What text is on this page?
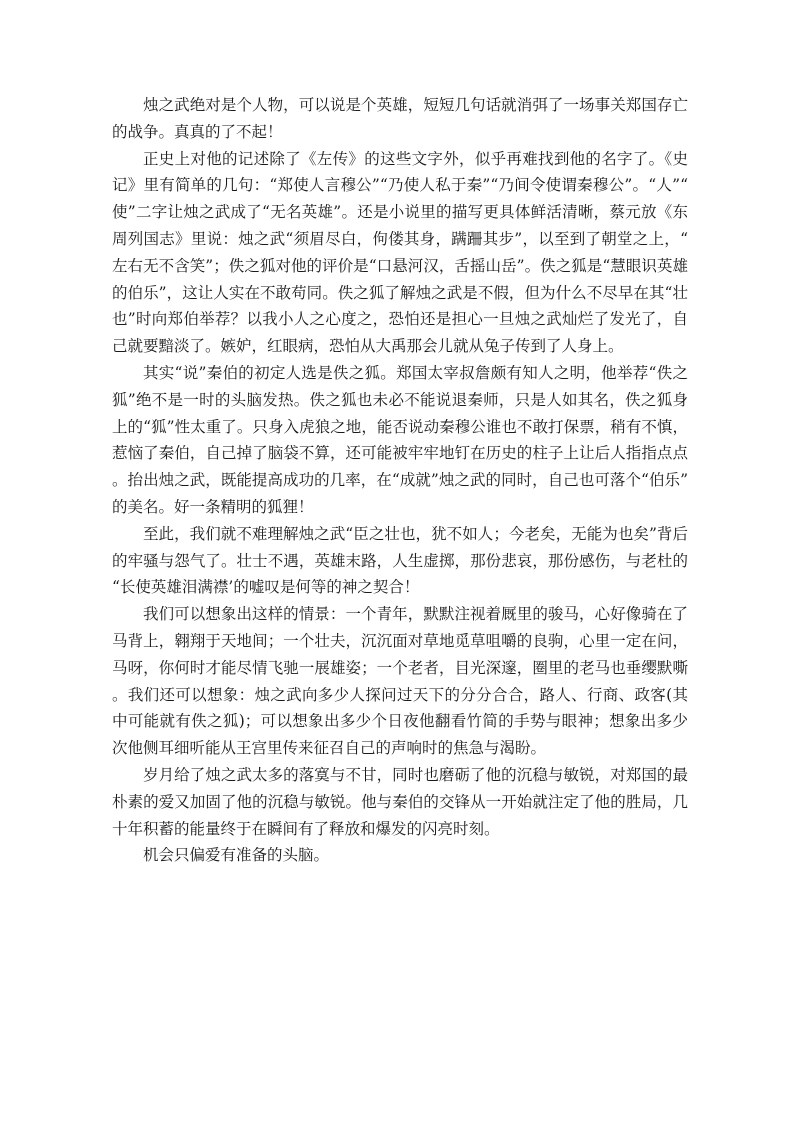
烛之武绝对是个人物，可以说是个英雄，短短几句话就消弭了一场事关郑国存亡的战争。真真的了不起！

正史上对他的记述除了《左传》的这些文字外，似乎再难找到他的名字了。《史记》里有简单的几句：“郑使人言穆公”“乃使人私于秦”“乃间令使谓秦穆公”。“人”“使”二字让烛之武成了“无名英雄”。还是小说里的描写更具体鲜活清晰，蔡元放《东周列国志》里说：烛之武“须眉尽白，佝偻其身，蹒跚其步”，以至到了朝堂之上，“左右无不含笑”；佚之狐对他的评价是“口悬河汉，舌摇山岳”。佚之狐是“慧眼识英雄的伯乐”，这让人实在不敢苟同。佚之狐了解烛之武是不假，但为什么不尽早在其“壮也”时向郑伯举荐？以我小人之心度之，恐怕还是担心一旦烛之武灿烂了发光了，自己就要黯淡了。嫉妒，红眼病，恐怕从大禹那会儿就从兔子传到了人身上。

其实“说”秦伯的初定人选是佚之狐。郑国太宰叔詹颇有知人之明，他举荐“佚之狐”绝不是一时的头脑发热。佚之狐也未必不能说退秦师，只是人如其名，佚之狐身上的“狐”性太重了。只身入虎狼之地，能否说动秦穆公谁也不敢打保票，稍有不慎，惹恼了秦伯，自己掉了脑袋不算，还可能被牢牢地钉在历史的柱子上让后人指指点点。抬出烛之武，既能提高成功的几率，在“成就”烛之武的同时，自己也可落个“伯乐”的美名。好一条精明的狐狸！

至此，我们就不难理解烛之武“臣之壮也，犹不如人；今老矣，无能为也矣”背后的牢骚与怨气了。壮士不遇，英雄末路，人生虚掷，那份悲哀，那份感伤，与老杜的“长使英雄泪满襟’的嘘叹是何等的神之契合！

我们可以想象出这样的情景：一个青年，默默注视着厩里的骏马，心好像骑在了马背上，翱翔于天地间；一个壮夫，沉沉面对草地觅草咀嚼的良驹，心里一定在问，马呀，你何时才能尽情飞驰一展雄姿；一个老者，目光深邃，圈里的老马也垂缨默嘶。我们还可以想象：烛之武向多少人探问过天下的分分合合，路人、行商、政客(其中可能就有佚之狐)；可以想象出多少个日夜他翻看竹简的手势与眼神；想象出多少次他侧耳细听能从王宫里传来征召自己的声响时的焦急与渴盼。

岁月给了烛之武太多的落寞与不甘，同时也磨砺了他的沉稳与敏锐，对郑国的最朴素的爱又加固了他的沉稳与敏锐。他与秦伯的交锋从一开始就注定了他的胜局，几十年积蓄的能量终于在瞬间有了释放和爆发的闪亮时刻。

机会只偏爱有准备的头脑。
